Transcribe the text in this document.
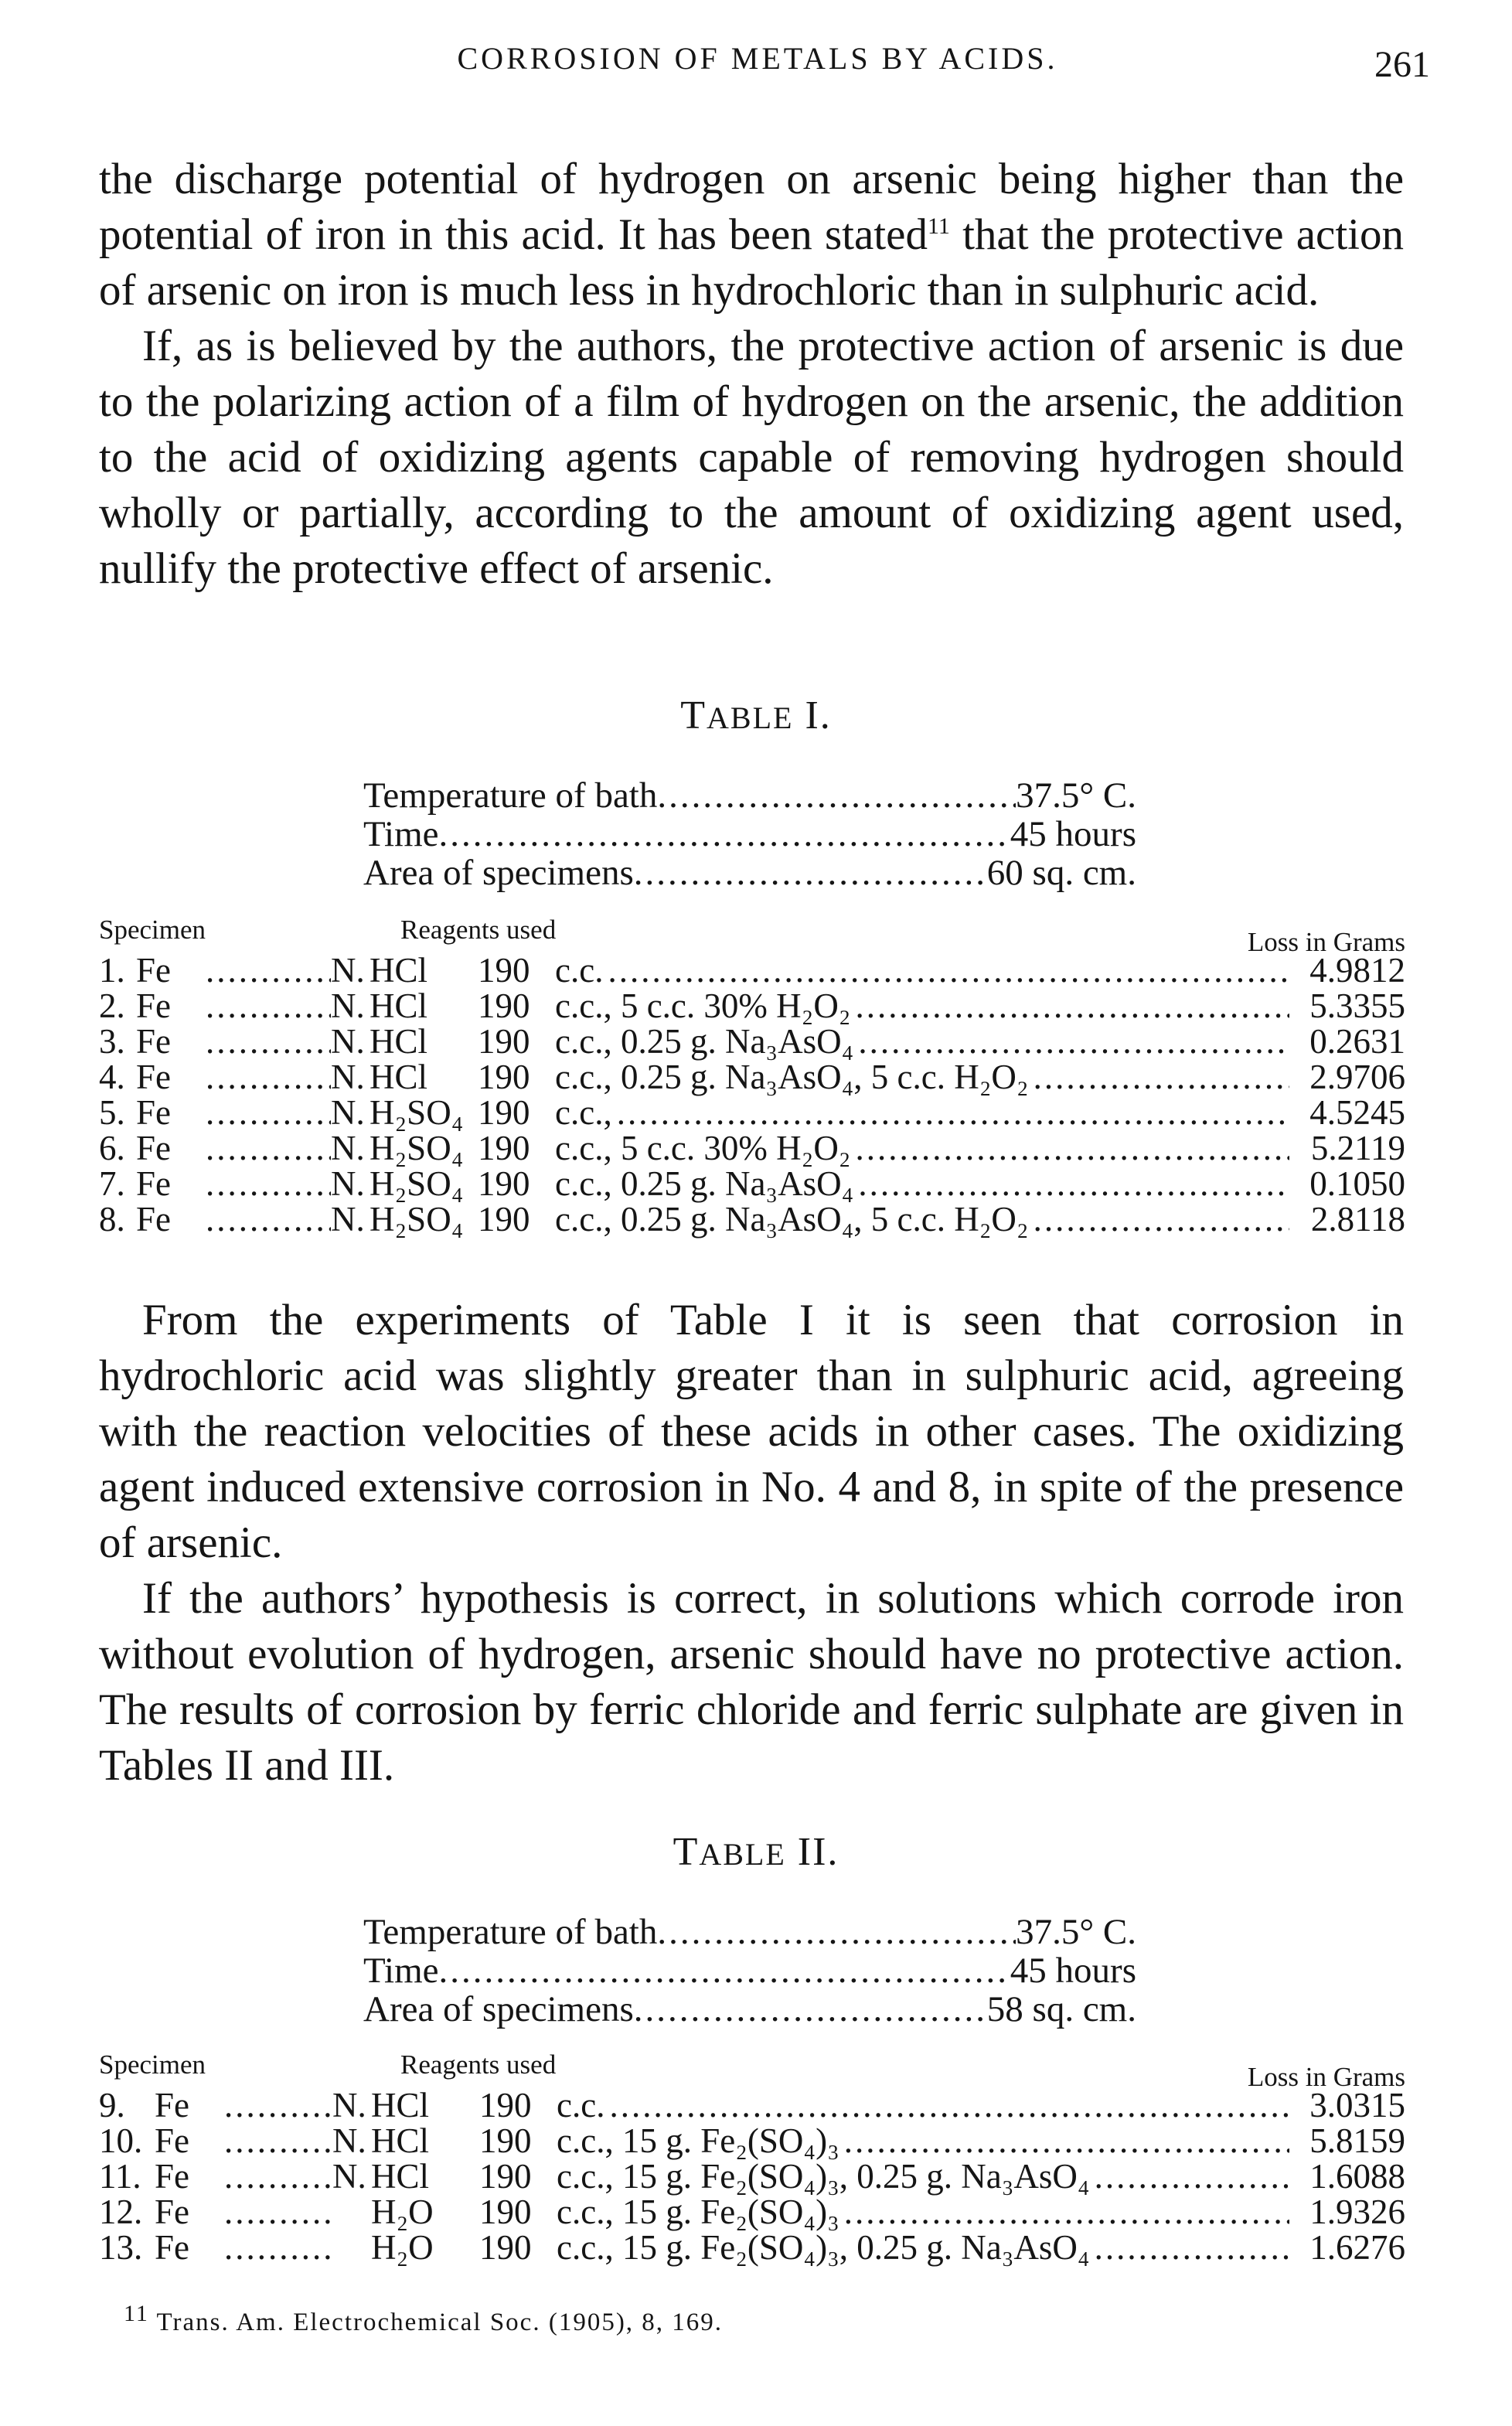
CORROSION OF METALS BY ACIDS.	261

the discharge potential of hydrogen on arsenic being higher than the potential of iron in this acid. It has been stated$^{11}$ that the protective action of arsenic on iron is much less in hydrochloric than in sulphuric acid.

If, as is believed by the authors, the protective action of arsenic is due to the polarizing action of a film of hydrogen on the arsenic, the addition to the acid of oxidizing agents capable of removing hydrogen should wholly or partially, according to the amount of oxidizing agent used, nullify the protective effect of arsenic.

TABLE I.
Temperature of bath .....	37.5° C.
Time .....	45 hours
Area of specimens .....	60 sq. cm.
Specimen	Reagents used	Loss in Grams
1. Fe .....	N. HCl	190 c.c. .....	4.9812
2. Fe .....	N. HCl	190 c.c., 5 c.c. 30% H₂O₂ .....	5.3355
3. Fe .....	N. HCl	190 c.c., 0.25 g. Na₃AsO₄ .....	0.2631
4. Fe .....	N. HCl	190 c.c., 0.25 g. Na₃AsO₄, 5 c.c. H₂O₂ .....	2.9706
5. Fe .....	N. H₂SO₄ 190 c.c., .....	4.5245
6. Fe .....	N. H₂SO₄ 190 c.c., 5 c.c. 30% H₂O₂ .....	5.2119
7. Fe .....	N. H₂SO₄ 190 c.c., 0.25 g. Na₃AsO₄ .....	0.1050
8. Fe .....	N. H₂SO₄ 190 c.c., 0.25 g. Na₃AsO₄, 5 c.c. H₂O₂ .....	2.8118

From the experiments of Table I it is seen that corrosion in hydrochloric acid was slightly greater than in sulphuric acid, agreeing with the reaction velocities of these acids in other cases. The oxidizing agent induced extensive corrosion in No. 4 and 8, in spite of the presence of arsenic.

If the authors’ hypothesis is correct, in solutions which corrode iron without evolution of hydrogen, arsenic should have no protective action. The results of corrosion by ferric chloride and ferric sulphate are given in Tables II and III.

TABLE II.
Temperature of bath .....	37.5° C.
Time .....	45 hours
Area of specimens .....	58 sq. cm.
Specimen	Reagents used	Loss in Grams
9. Fe .....	N. HCl	190 c.c. .....	3.0315
10. Fe .....	N. HCl	190 c.c., 15 g. Fe₂(SO₄)₃ .....	5.8159
11. Fe .....	N. HCl	190 c.c., 15 g. Fe₂(SO₄)₃, 0.25 g. Na₃AsO₄ .....	1.6088
12. Fe .....	H₂O	190 c.c., 15 g. Fe₂(SO₄)₃ .....	1.9326
13. Fe .....	H₂O	190 c.c., 15 g. Fe₂(SO₄)₃, 0.25 g. Na₃AsO₄ .....	1.6276
$^{11}$ Trans. Am. Electrochemical Soc. (1905), 8, 169.
